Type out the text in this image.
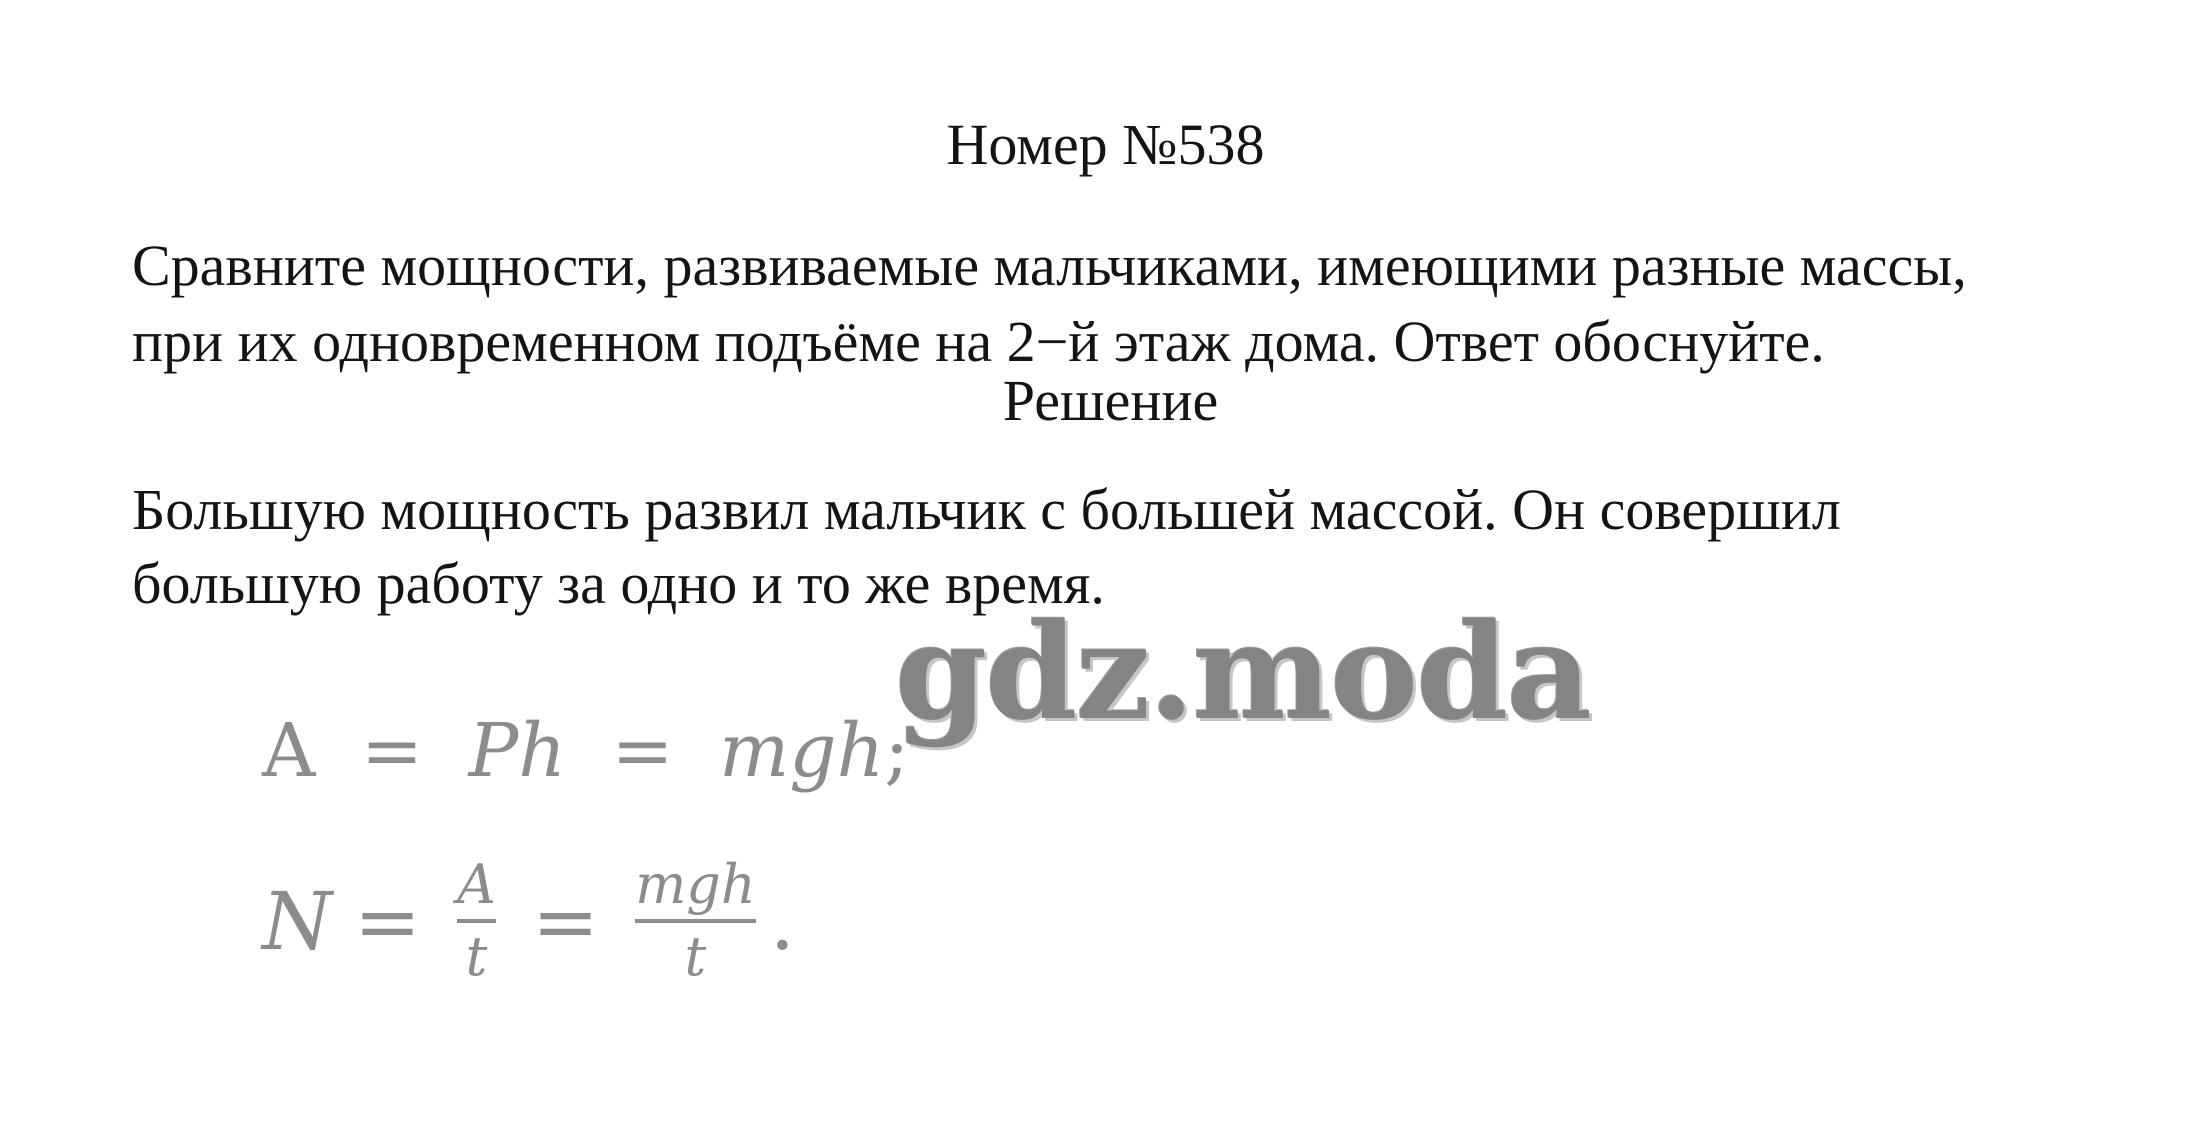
Номер №538
Сравните мощности, развиваемые мальчиками, имеющими разные массы,
при их одновременном подъёме на 2−й этаж дома. Ответ обоснуйте.
Решение
Большую мощность развил мальчик с большей массой. Он совершил
большую работу за одно и то же время.
gdz.moda
A = Ph = mgh;
$N = \frac{A}{t} = \frac{\text{mgh}}{t}$ .
